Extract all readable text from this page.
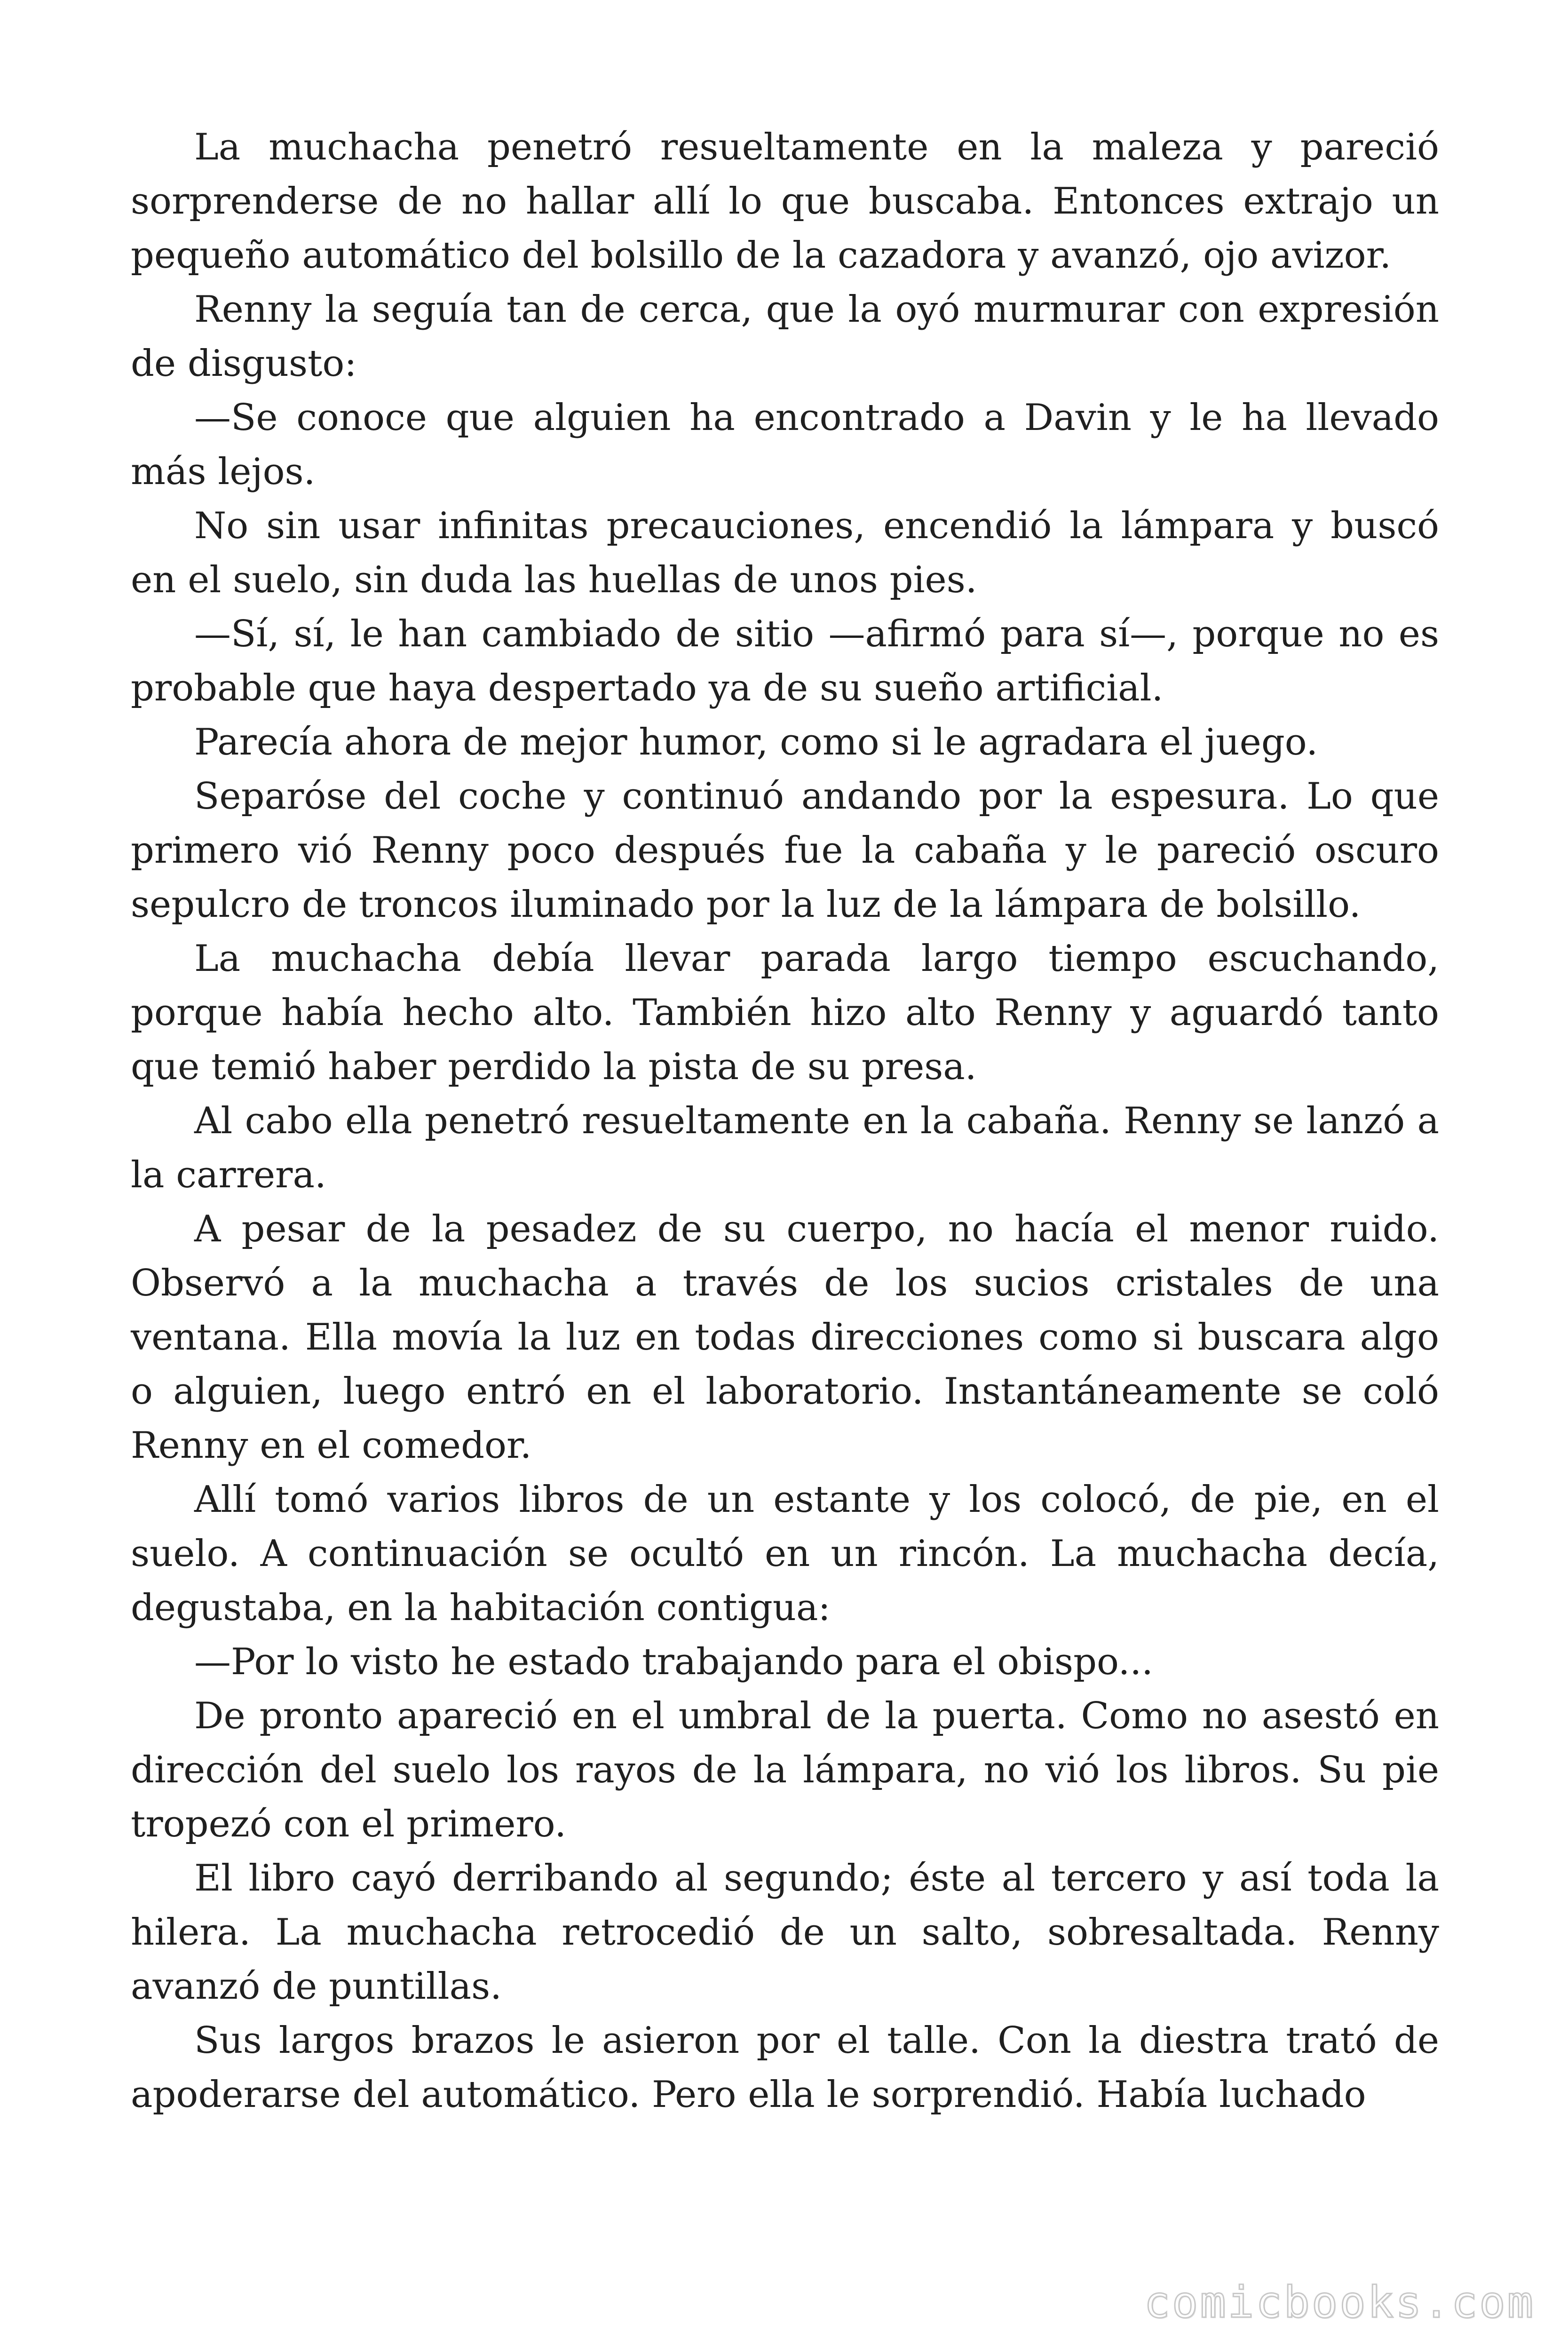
La muchacha penetró resueltamente en la maleza y pareció sorprenderse de no hallar allí lo que buscaba. Entonces extrajo un pequeño automático del bolsillo de la cazadora y avanzó, ojo avizor.

Renny la seguía tan de cerca, que la oyó murmurar con expresión de disgusto:

—Se conoce que alguien ha encontrado a Davin y le ha llevado más lejos.

No sin usar infinitas precauciones, encendió la lámpara y buscó en el suelo, sin duda las huellas de unos pies.

—Sí, sí, le han cambiado de sitio —afirmó para sí—, porque no es probable que haya despertado ya de su sueño artificial.

Parecía ahora de mejor humor, como si le agradara el juego.

Separóse del coche y continuó andando por la espesura. Lo que primero vió Renny poco después fue la cabaña y le pareció oscuro sepulcro de troncos iluminado por la luz de la lámpara de bolsillo.

La muchacha debía llevar parada largo tiempo escuchando, porque había hecho alto. También hizo alto Renny y aguardó tanto que temió haber perdido la pista de su presa.

Al cabo ella penetró resueltamente en la cabaña. Renny se lanzó a la carrera.

A pesar de la pesadez de su cuerpo, no hacía el menor ruido. Observó a la muchacha a través de los sucios cristales de una ventana. Ella movía la luz en todas direcciones como si buscara algo o alguien, luego entró en el laboratorio. Instantáneamente se coló Renny en el comedor.

Allí tomó varios libros de un estante y los colocó, de pie, en el suelo. A continuación se ocultó en un rincón. La muchacha decía, degustaba, en la habitación contigua:

—Por lo visto he estado trabajando para el obispo...

De pronto apareció en el umbral de la puerta. Como no asestó en dirección del suelo los rayos de la lámpara, no vió los libros. Su pie tropezó con el primero.

El libro cayó derribando al segundo; éste al tercero y así toda la hilera. La muchacha retrocedió de un salto, sobresaltada. Renny avanzó de puntillas.

Sus largos brazos le asieron por el talle. Con la diestra trató de apoderarse del automático. Pero ella le sorprendió. Había luchado

comicbooks.com
